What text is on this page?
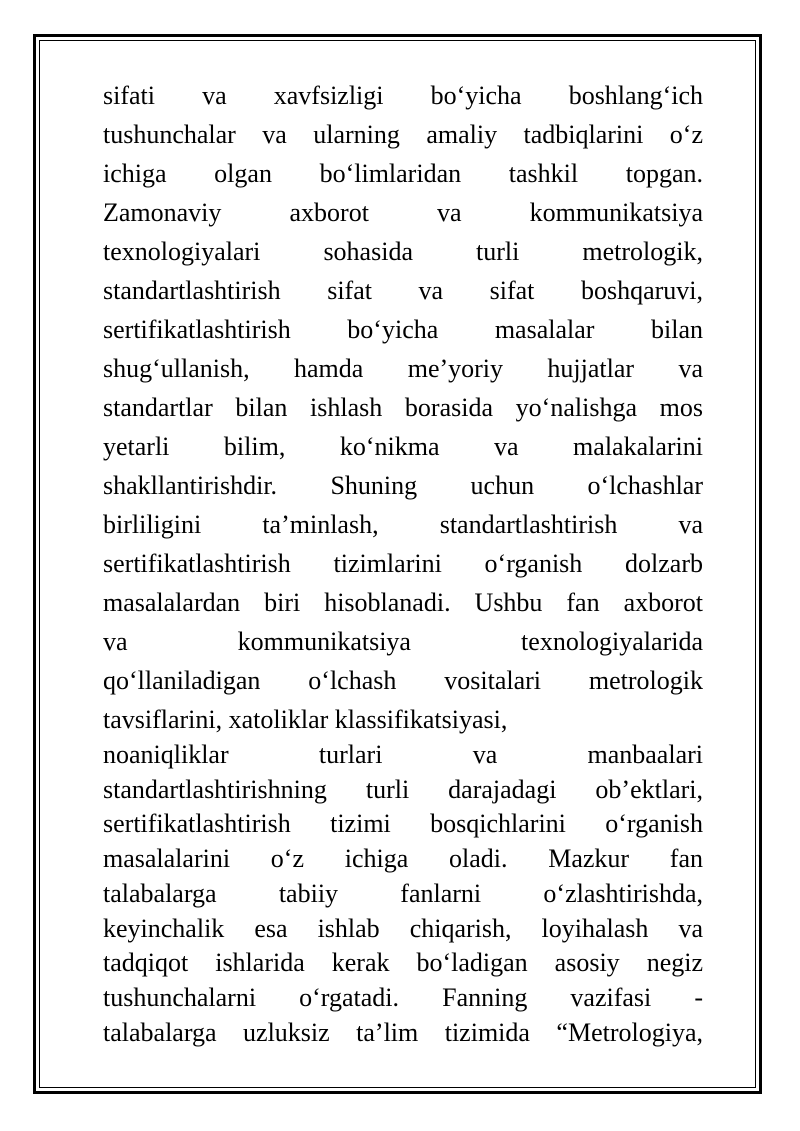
sifati va xavfsizligi bo‘yicha boshlang‘ich
tushunchalar va ularning amaliy tadbiqlarini o‘z
ichiga olgan bo‘limlaridan tashkil topgan.
Zamonaviy axborot va kommunikatsiya
texnologiyalari sohasida turli metrologik,
standartlashtirish sifat va sifat boshqaruvi,
sertifikatlashtirish bo‘yicha masalalar bilan
shug‘ullanish, hamda me’yoriy hujjatlar va
standartlar bilan ishlash borasida yo‘nalishga mos
yetarli bilim, ko‘nikma va malakalarini
shakllantirishdir. Shuning uchun o‘lchashlar
birliligini ta’minlash, standartlashtirish va
sertifikatlashtirish tizimlarini o‘rganish dolzarb
masalalardan biri hisoblanadi. Ushbu fan axborot
va kommunikatsiya texnologiyalarida
qo‘llaniladigan o‘lchash vositalari metrologik
tavsiflarini, xatoliklar klassifikatsiyasi,
noaniqliklar turlari va manbaalari
standartlashtirishning turli darajadagi ob’ektlari,
sertifikatlashtirish tizimi bosqichlarini o‘rganish
masalalarini o‘z ichiga oladi. Mazkur fan
talabalarga tabiiy fanlarni o‘zlashtirishda,
keyinchalik esa ishlab chiqarish, loyihalash va
tadqiqot ishlarida kerak bo‘ladigan asosiy negiz
tushunchalarni o‘rgatadi. Fanning vazifasi -
talabalarga uzluksiz ta’lim tizimida “Metrologiya,
